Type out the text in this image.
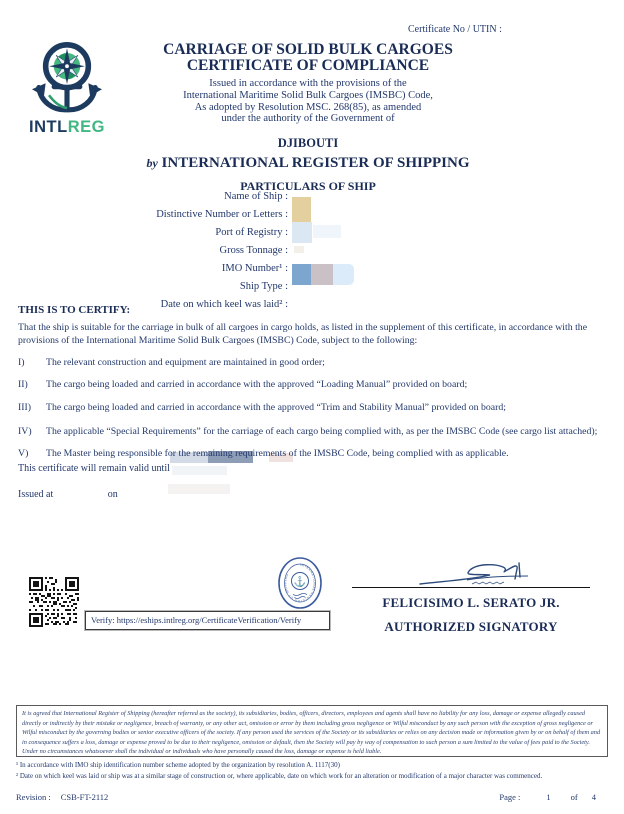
Certificate No / UTIN :
INTLREG
CARRIAGE OF SOLID BULK CARGOES
CERTIFICATE OF COMPLIANCE
Issued in accordance with the provisions of the
International Maritime Solid Bulk Cargoes (IMSBC) Code,
As adopted by Resolution MSC. 268(85), as amended
under the authority of the Government of
DJIBOUTI
by INTERNATIONAL REGISTER OF SHIPPING
PARTICULARS OF SHIP
Name of Ship :
Distinctive Number or Letters :
Port of Registry :
Gross Tonnage :
IMO Number¹ :
Ship Type :
Date on which keel was laid² :
THIS IS TO CERTIFY:
That the ship is suitable for the carriage in bulk of all cargoes in cargo holds, as listed in the supplement of this certificate, in accordance with the provisions of the International Maritime Solid Bulk Cargoes (IMSBC) Code, subject to the following:
I)	The relevant construction and equipment are maintained in good order;
II)	The cargo being loaded and carried in accordance with the approved “Loading Manual” provided on board;
III)	The cargo being loaded and carried in accordance with the approved “Trim and Stability Manual” provided on board;
IV)	The applicable “Special Requirements” for the carriage of each cargo being complied with, as per the IMSBC Code (see cargo list attached);
V)	The Master being responsible for the remaining requirements of the IMSBC Code, being complied with as applicable.
This certificate will remain valid until
Issued at	on
Verify: https://eships.intlreg.org/CertificateVerification/Verify
INTERNATIONAL REGISTER OF SHIPPING
⚓
FELICISIMO L. SERATO JR.
AUTHORIZED SIGNATORY
It is agreed that International Register of Shipping (hereafter referred as the society), its subsidiaries, bodies, officers, directors, employees and agents shall have no liability for any loss, damage or expense allegedly caused directly or indirectly by their mistake or negligence, breach of warranty, or any other act, omission or error by them including gross negligence or Wilful misconduct by any such person with the exception of gross negligence or Wilful misconduct by the governing bodies or senior executive officers of the society. If any person used the services of the Society or its subsidiaries or relies on any decision made or information given by or on behalf of them and in consequence suffers a loss, damage or expense proved to be due to their negligence, omission or default, then the Society will pay by way of compensation to such person a sum limited to the value of fees paid to the Society. Under no circumstances whatsoever shall the individual or individuals who have personally caused the loss, damage or expense is held liable.
¹ In accordance with IMO ship identification number scheme adopted by the organization by resolution A. 1117(30)
² Date on which keel was laid or ship was at a similar stage of construction or, where applicable, date on which work for an alteration or modification of a major character was commenced.
Revision : CSB-FT-2112	Page :	1 of 4
